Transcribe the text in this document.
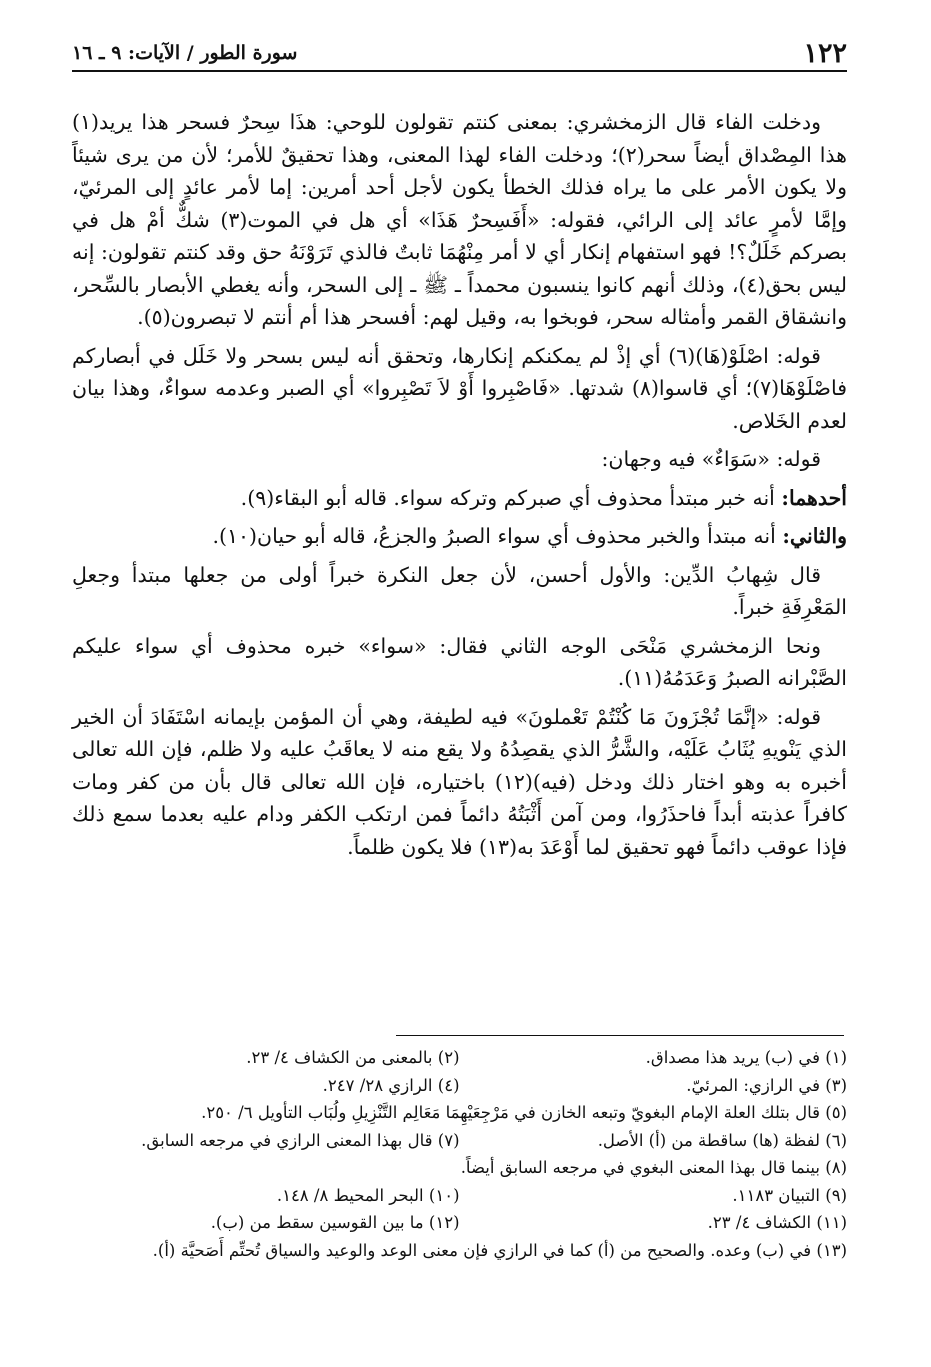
١٢٢
سورة الطور / الآيات: ٩ ـ ١٦

ودخلت الفاء قال الزمخشري: بمعنى كنتم تقولون للوحي: هذَا سِحرٌ فسحر هذا يريد(١) هذا المِصْداق أيضاً سحر(٢)؛ ودخلت الفاء لهذا المعنى، وهذا تحقيقٌ للأمر؛ لأن من يرى شيئاً ولا يكون الأمر على ما يراه فذلك الخطأ يكون لأجل أحد أمرين: إما لأمر عائدٍ إلى المرئيّ، وإمَّا لأمرٍ عائد إلى الرائي، فقوله: «أَفَسِحرٌ هَذَا» أي هل في الموت(٣) شكٌّ أمْ هل في بصركم خَلَلٌ؟! فهو استفهام إنكار أي لا أمر مِنْهُمَا ثابتٌ فالذي تَرَوْنَهُ حق وقد كنتم تقولون: إنه ليس بحق(٤)، وذلك أنهم كانوا ينسبون محمداً ـ ﷺ ـ إلى السحر، وأنه يغطي الأبصار بالسِّحر، وانشقاق القمر وأمثاله سحر، فوبخوا به، وقيل لهم: أفسحر هذا أم أنتم لا تبصرون(٥).

قوله: اصْلَوْ(هَا)(٦) أي إذْ لم يمكنكم إنكارها، وتحقق أنه ليس بسحر ولا خَلَل في أبصاركم فاصْلَوْهَا(٧)؛ أي قاسوا(٨) شدتها. «فَاصْبِروا أَوْ لاَ تَصْبِروا» أي الصبر وعدمه سواءٌ، وهذا بيان لعدم الخَلاص.

قوله: «سَوَاءٌ» فيه وجهان:

أحدهما: أنه خبر مبتدأ محذوف أي صبركم وتركه سواء. قاله أبو البقاء(٩).

والثاني: أنه مبتدأ والخبر محذوف أي سواء الصبرُ والجزعُ، قاله أبو حيان(١٠).

قال شِهابُ الدِّين: والأول أحسن، لأن جعل النكرة خبراً أولى من جعلها مبتدأ وجعلِ المَعْرِفَةِ خبراً.

ونحا الزمخشري مَنْحَى الوجه الثاني فقال: «سواء» خبره محذوف أي سواء عليكم الصَّبْرانه الصبرُ وَعَدَمُهُ(١١).

قوله: «إنَّمَا تُجْزَونَ مَا كُنْتُمْ تَعْملونَ» فيه لطيفة، وهي أن المؤمن بإيمانه اسْتَفَادَ أن الخير الذي يَنْويهِ يُثَابُ عَلَيْه، والشَّرُّ الذي يقصِدُهُ ولا يقع منه لا يعاقَبُ عليه ولا ظلم، فإن الله تعالى أخبره به وهو اختار ذلك ودخل (فيه)(١٢) باختياره، فإن الله تعالى قال بأن من كفر ومات كافراً عذبته أبداً فاحذَرُوا، ومن آمن أَثْبَتُهُ دائماً فمن ارتكب الكفر ودام عليه بعدما سمع ذلك فإذا عوقب دائماً فهو تحقيق لما أَوْعَدَ به(١٣) فلا يكون ظلماً.

(١) في (ب) يريد هذا مصداق.
(٢) بالمعنى من الكشاف ٤/ ٢٣.
(٣) في الرازي: المرئيّ.
(٤) الرازي ٢٨/ ٢٤٧.
(٥) قال بتلك العلة الإمام البغويّ وتبعه الخازن في مَرْجِعَيْهِمَا مَعَالِم التَّنْزِيلِ ولُبَاب التأويل ٦/ ٢٥٠.
(٦) لفظة (ها) ساقطة من (أ) الأصل.
(٧) قال بهذا المعنى الرازي في مرجعه السابق.
(٨) بينما قال بهذا المعنى البغوي في مرجعه السابق أيضاً.
(٩) التبيان ١١٨٣.
(١٠) البحر المحيط ٨/ ١٤٨.
(١١) الكشاف ٤/ ٢٣.
(١٢) ما بين القوسين سقط من (ب).
(١٣) في (ب) وعده. والصحيح من (أ) كما في الرازي فإن معنى الوعد والوعيد والسياق تُحتِّم أَصَحيَّة (أ).
